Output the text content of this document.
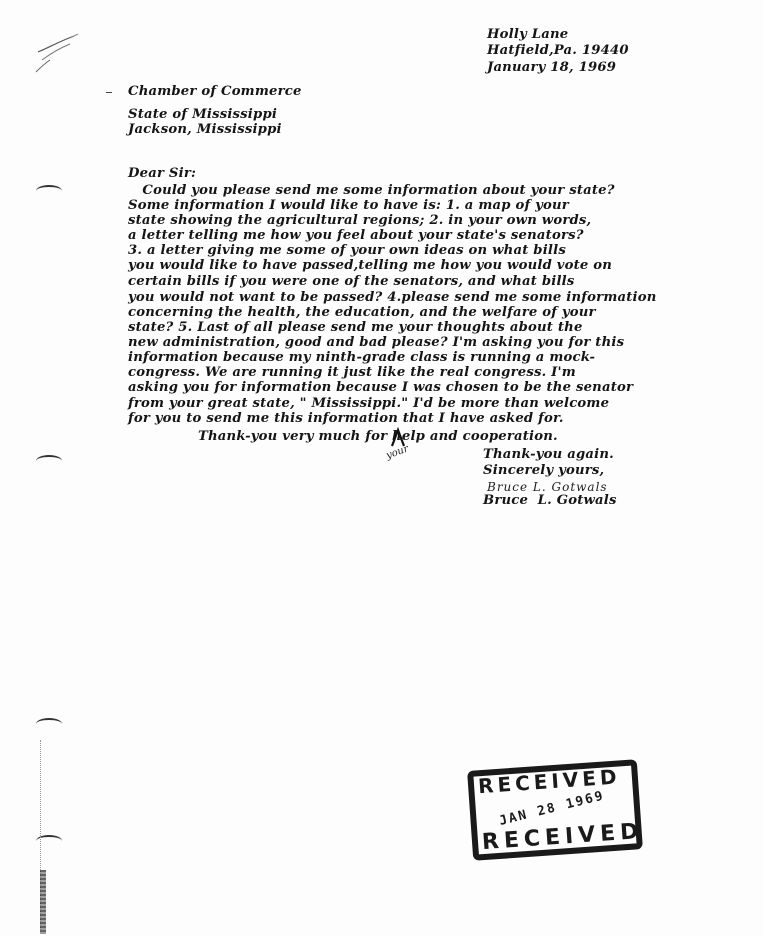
Holly Lane
Hatfield,Pa. 19440
January 18, 1969
Chamber of Commerce
State of Mississippi
Jackson, Mississippi
Dear Sir:
Could you please send me some information about your state?
Some information I would like to have is: 1. a map of your
state showing the agricultural regions; 2. in your own words,
a letter telling me how you feel about your state's senators?
3. a letter giving me some of your own ideas on what bills
you would like to have passed,telling me how you would vote on
certain bills if you were one of the senators, and what bills
you would not want to be passed? 4.please send me some information
concerning the health, the education, and the welfare of your
state? 5. Last of all please send me your thoughts about the
new administration, good and bad please? I'm asking you for this
information because my ninth-grade class is running a mock-
congress. We are running it just like the real congress. I'm
asking you for information because I was chosen to be the senator
from your great state, " Mississippi." I'd be more than welcome
for you to send me this information that I have asked for.
Thank-you very much for help and cooperation.
your	Thank-you again.
Sincerely yours,
Bruce L. Gotwals
Bruce  L. Gotwals
RECEIVED
JAN 28 1969
RECEIVED
